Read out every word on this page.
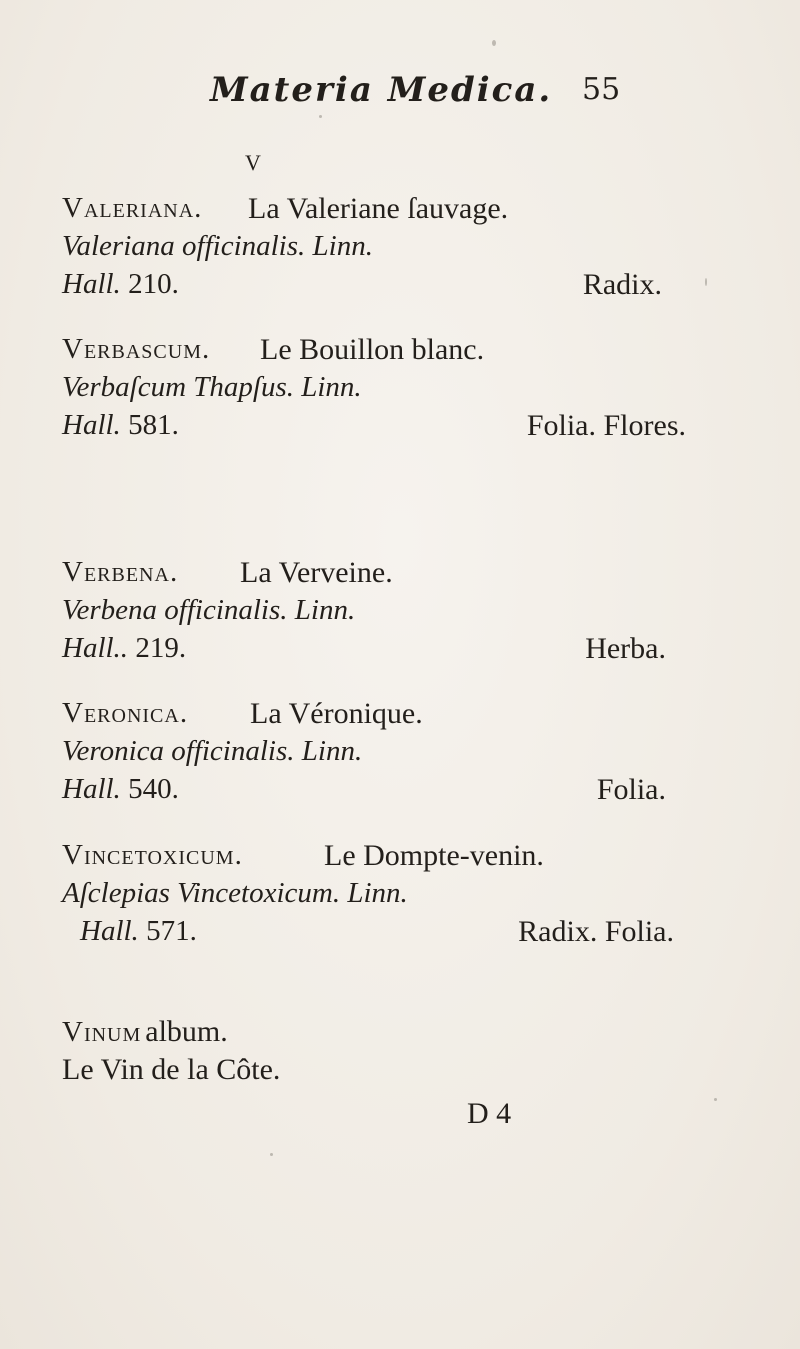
Materia Medica. 55
V
Valeriana. La Valeriane ſauvage.
Valeriana officinalis. Linn.
Hall. 210.	Radix.
Verbascum. Le Bouillon blanc.
Verbaſcum Thapſus. Linn.
Hall. 581.	Folia. Flores.
Verbena. La Verveine.
Verbena officinalis. Linn.
Hall.. 219.	Herba.
Veronica. La Véronique.
Veronica officinalis. Linn.
Hall. 540.	Folia.
Vincetoxicum.	Le Dompte-venin.
Aſclepias Vincetoxicum. Linn.
Hall. 571.	Radix. Folia.
Vinum album.
Le Vin de la Côte.
D 4
